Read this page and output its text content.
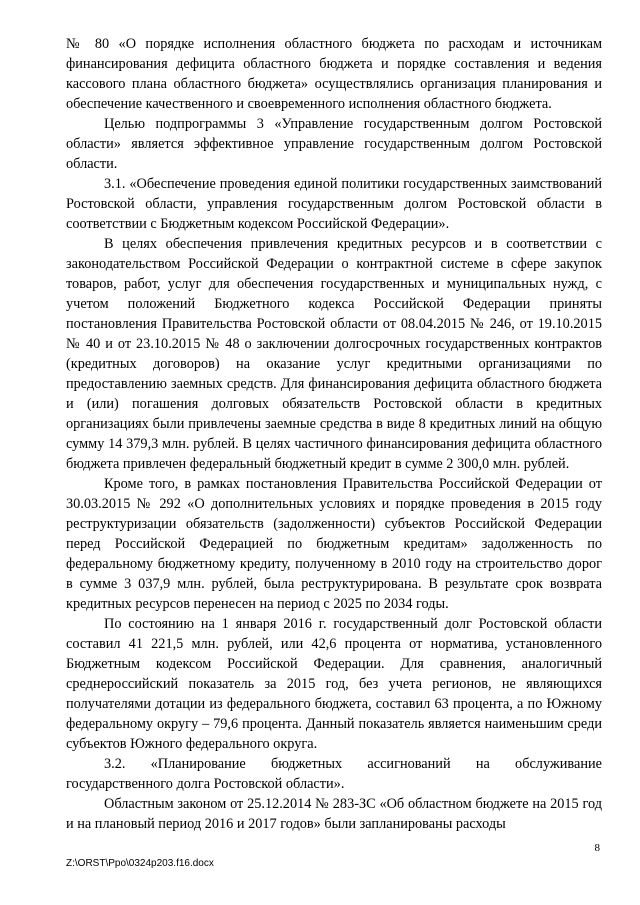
№ 80 «О порядке исполнения областного бюджета по расходам и источникам финансирования дефицита областного бюджета и порядке составления и ведения кассового плана областного бюджета» осуществлялись организация планирования и обеспечение качественного и своевременного исполнения областного бюджета.

Целью подпрограммы 3 «Управление государственным долгом Ростовской области» является эффективное управление государственным долгом Ростовской области.

3.1. «Обеспечение проведения единой политики государственных заимствований Ростовской области, управления государственным долгом Ростовской области в соответствии с Бюджетным кодексом Российской Федерации».

В целях обеспечения привлечения кредитных ресурсов и в соответствии с законодательством Российской Федерации о контрактной системе в сфере закупок товаров, работ, услуг для обеспечения государственных и муниципальных нужд, с учетом положений Бюджетного кодекса Российской Федерации приняты постановления Правительства Ростовской области от 08.04.2015 № 246, от 19.10.2015 № 40 и от 23.10.2015 № 48 о заключении долгосрочных государственных контрактов (кредитных договоров) на оказание услуг кредитными организациями по предоставлению заемных средств. Для финансирования дефицита областного бюджета и (или) погашения долговых обязательств Ростовской области в кредитных организациях были привлечены заемные средства в виде 8 кредитных линий на общую сумму 14 379,3 млн. рублей. В целях частичного финансирования дефицита областного бюджета привлечен федеральный бюджетный кредит в сумме 2 300,0 млн. рублей.

Кроме того, в рамках постановления Правительства Российской Федерации от 30.03.2015 № 292 «О дополнительных условиях и порядке проведения в 2015 году реструктуризации обязательств (задолженности) субъектов Российской Федерации перед Российской Федерацией по бюджетным кредитам» задолженность по федеральному бюджетному кредиту, полученному в 2010 году на строительство дорог в сумме 3 037,9 млн. рублей, была реструктурирована. В результате срок возврата кредитных ресурсов перенесен на период с 2025 по 2034 годы.

По состоянию на 1 января 2016 г. государственный долг Ростовской области составил 41 221,5 млн. рублей, или 42,6 процента от норматива, установленного Бюджетным кодексом Российской Федерации. Для сравнения, аналогичный среднероссийский показатель за 2015 год, без учета регионов, не являющихся получателями дотации из федерального бюджета, составил 63 процента, а по Южному федеральному округу – 79,6 процента. Данный показатель является наименьшим среди субъектов Южного федерального округа.

3.2. «Планирование бюджетных ассигнований на обслуживание государственного долга Ростовской области».

Областным законом от 25.12.2014 № 283-ЗС «Об областном бюджете на 2015 год и на плановый период 2016 и 2017 годов» были запланированы расходы

8
Z:\ORST\Ppo\0324p203.f16.docx
